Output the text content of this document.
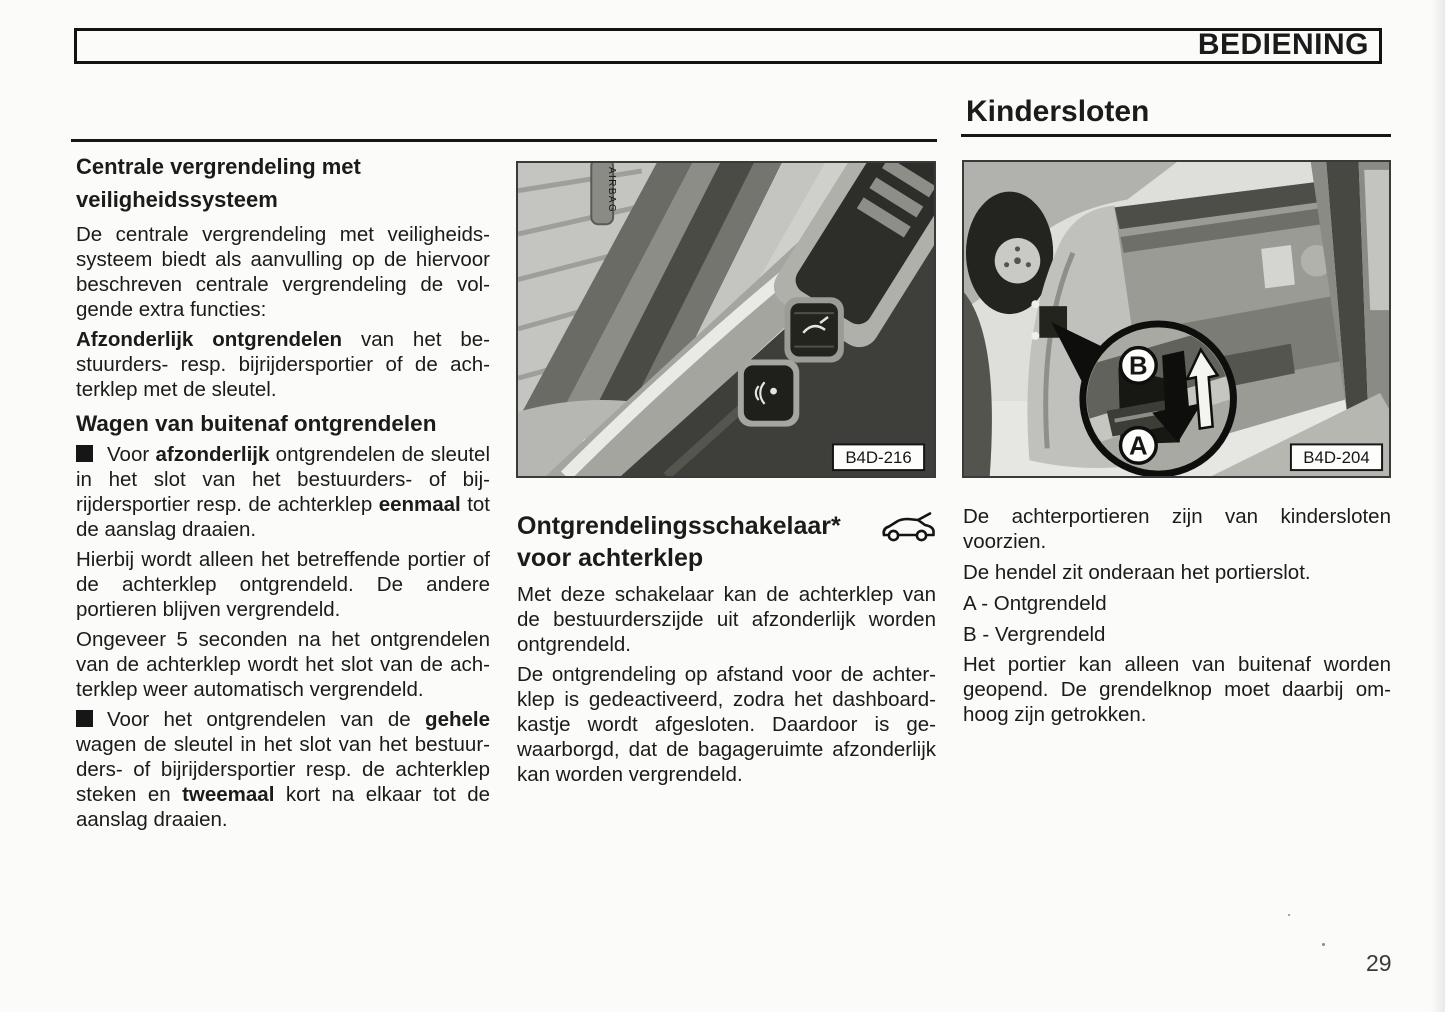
BEDIENING
Kindersloten
Centrale vergrendeling met
veiligheidssysteem

De centrale vergrendeling met veiligheidssysteem biedt als aanvulling op de hiervoor beschreven centrale vergrendeling de volgende extra functies:

Afzonderlijk ontgrendelen van het bestuurders- resp. bijrijdersportier of de achterklep met de sleutel.

Wagen van buitenaf ontgrendelen

Voor afzonderlijk ontgrendelen de sleutel in het slot van het bestuurders- of bijrijdersportier resp. de achterklep eenmaal tot de aanslag draaien.

Hierbij wordt alleen het betreffende portier of de achterklep ontgrendeld. De andere portieren blijven vergrendeld.

Ongeveer 5 seconden na het ontgrendelen van de achterklep wordt het slot van de achterklep weer automatisch vergrendeld.

Voor het ontgrendelen van de gehele wagen de sleutel in het slot van het bestuurders- of bijrijdersportier resp. de achterklep steken en tweemaal kort na elkaar tot de aanslag draaien.

AIRBAG
B4D-216
B
A	B4D-204
Ontgrendelingsschakelaar*

voor achterklep

Met deze schakelaar kan de achterklep van de bestuurderszijde uit afzonderlijk worden ontgrendeld.

De ontgrendeling op afstand voor de achterklep is gedeactiveerd, zodra het dashboardkastje wordt afgesloten. Daardoor is gewaarborgd, dat de bagageruimte afzonderlijk kan worden vergrendeld.

De achterportieren zijn van kindersloten voorzien.

De hendel zit onderaan het portierslot.

A - Ontgrendeld

B - Vergrendeld

Het portier kan alleen van buitenaf worden geopend. De grendelknop moet daarbij omhoog zijn getrokken.

29
